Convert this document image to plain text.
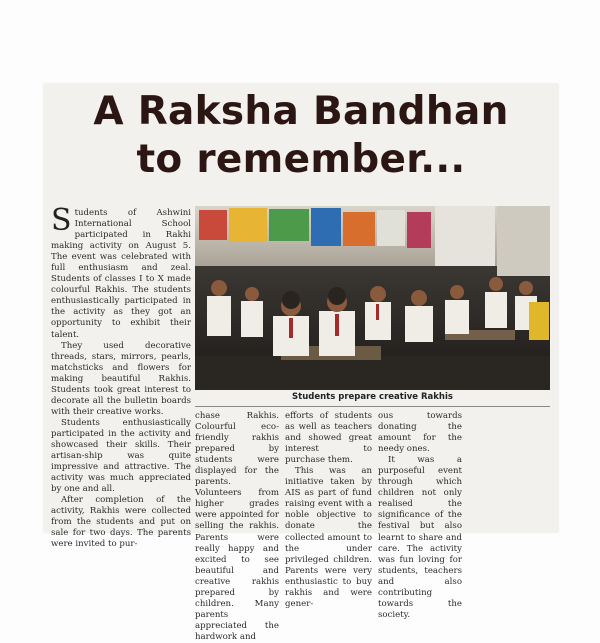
A Raksha Bandhan
to remember...

Students of Ashwini International School participated in Rakhi making activity on August 5. The event was celebrated with full enthusiasm and zeal. Students of classes I to X made colourful Rakhis. The students enthusiastically participated in the activity as they got an opportunity to exhibit their talent.

They used decorative threads, stars, mirrors, pearls, matchsticks and flowers for making beautiful Rakhis. Students took great interest to decorate all the bulletin boards with their creative works.

Students enthusiastically participated in the activity and showcased their skills. Their artisan-ship was quite impressive and attractive. The activity was much appreciated by one and all.

After completion of the activity, Rakhis were collected from the students and put on sale for two days. The parents were invited to pur-

Students prepare creative Rakhis

chase Rakhis. Colourful eco-friendly rakhis prepared by students were displayed for the parents. Volunteers from higher grades were appointed for selling the rakhis. Parents were really happy and excited to see beautiful and creative rakhis prepared by children. Many parents appreciated the hardwork and

efforts of students as well as teachers and showed great interest to purchase them.

This was an initiative taken by AIS as part of fund raising event with a noble objective to donate the collected amount to the under privileged children. Parents were very enthusiastic to buy rakhis and were gener-

ous towards donating the amount for the needy ones.

It was a purposeful event through which children not only realised the significance of the festival but also learnt to share and care. The activity was fun loving for students, teachers and also contributing towards the society.
